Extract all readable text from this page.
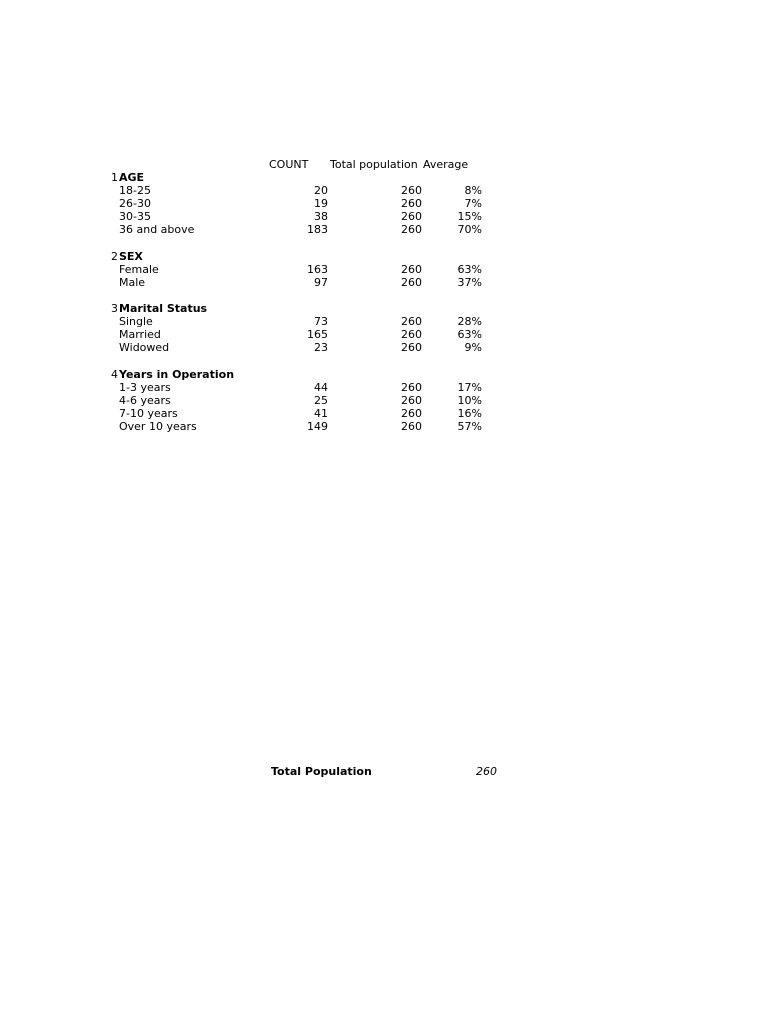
COUNT Total population Average
1 AGE
18-25	20	260	8%
26-30	19	260	7%
30-35	38	260	15%
36 and above	183	260	70%
2 SEX
Female	163	260	63%
Male	97	260	37%
3 Marital Status
Single	73	260	28%
Married	165	260	63%
Widowed	23	260	9%
4 Years in Operation
1-3 years	44	260	17%
4-6 years	25	260	10%
7-10 years	41	260	16%
Over 10 years	149	260	57%
Total Population	260
